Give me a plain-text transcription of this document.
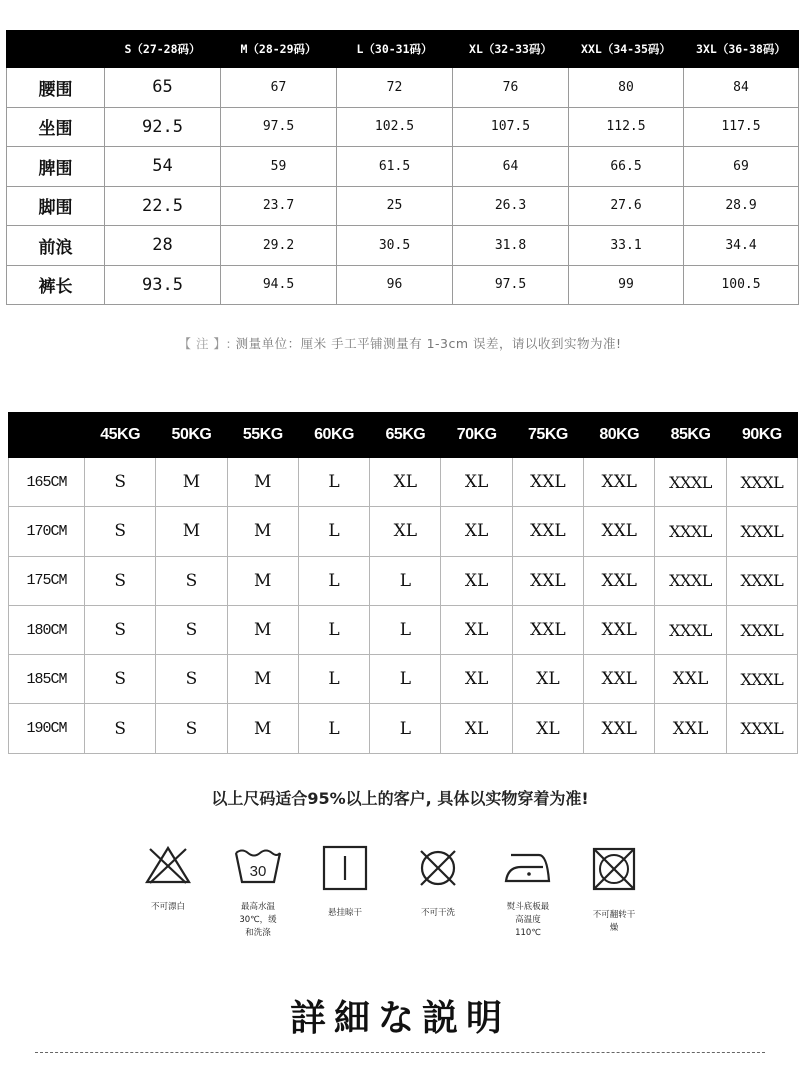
	S（27-28码）	M（28-29码）	L（30-31码）	XL（32-33码）	XXL（34-35码）	3XL（36-38码）
腰围	65	67	72	76	80	84
坐围	92.5	97.5	102.5	107.5	112.5	117.5
脾围	54	59	61.5	64	66.5	69
脚围	22.5	23.7	25	26.3	27.6	28.9
前浪	28	29.2	30.5	31.8	33.1	34.4
裤长	93.5	94.5	96	97.5	99	100.5
【 注 】: 测量单位：厘米 手工平铺测量有 1-3cm 误差，请以收到实物为准!
	45KG	50KG	55KG	60KG	65KG	70KG	75KG	80KG	85KG	90KG
165CM	S	M	M	L	XL	XL	XXL	XXL	XXXL	XXXL
170CM	S	M	M	L	XL	XL	XXL	XXL	XXXL	XXXL
175CM	S	S	M	L	L	XL	XXL	XXL	XXXL	XXXL
180CM	S	S	M	L	L	XL	XXL	XXL	XXXL	XXXL
185CM	S	S	M	L	L	XL	XL	XXL	XXL	XXXL
190CM	S	S	M	L	L	XL	XL	XXL	XXL	XXXL
以上尺码适合95%以上的客户, 具体以实物穿着为准!
不可漂白
30
最高水温
30℃，缓
和洗涤
悬挂晾干	不可干洗
熨斗底板最
高温度
110℃
不可翻转干
燥
詳細な説明
